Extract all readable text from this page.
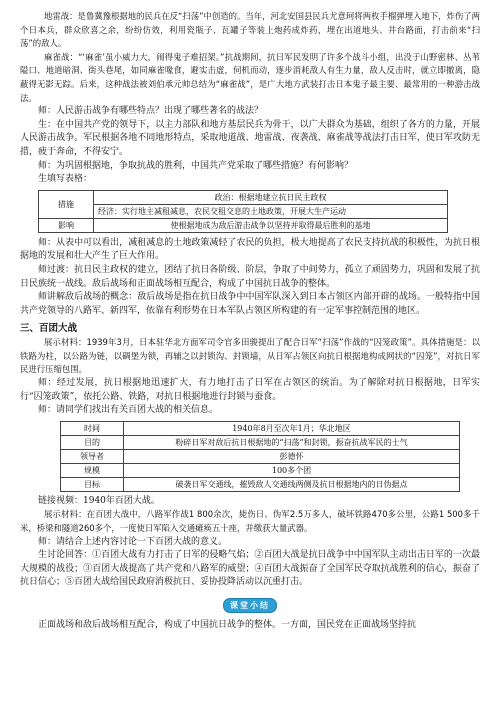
地雷战：是鲁冀豫根据地的民兵在反“扫荡”中创造的。当年，河北安国县民兵尤意珂将两枚手榴弹埋入地下，炸伤了两个日本兵，群众欣喜之余，纷纷仿效，利用瓷瓶子、瓦罐子等装上炮药成炸药，埋在出道地头、井台路面，打击前来“扫荡”的敌人。

麻雀战：“‘麻雀’虽小威力大，闹得鬼子难招架。”抗战期间，抗日军民发明了许多个战斗小组，出没于山野密林、丛苇隘口、地道暗洞、街头巷尾，如同麻雀喙食，避实击虚，伺机而动，逐步消耗敌人有生力量，敌人反击时，就立即撤离，隐蔽得无影无踪。后来，这种战法被刘伯承元帅总结为“麻雀战”，是广大地方武装打击日本鬼子最主要、最常用的一种游击战法。

师：人民游击战争有哪些特点？出现了哪些著名的战法？

生：在中国共产党的领导下，以主力部队和地方基层民兵为骨干，以广大群众为基础，组织了各方的力量，开展人民游击战争。军民根据各地不同地形特点，采取地道战、地雷战、夜袭战、麻雀战等战法打击日军，使日军攻防无措，疲于奔命，不得安宁。

师：为巩固根据地，争取抗战的胜利，中国共产党采取了哪些措施？有何影响？

生填写表格：

措施	政治：根据地建立抗日民主政权
	经济：实行地主减租减息，农民交租交息的土地政策，开展大生产运动
影响	使根据地成为敌后游击战争以坚持并取得最后胜利的基地

师：从表中可以看出，减租减息的土地政策减轻了农民的负担，极大地提高了农民支持抗战的积极性，为抗日根据地的发展和壮大产生了巨大作用。

师过渡：抗日民主政权的建立，团结了抗日各阶级、阶层，争取了中间势力，孤立了顽固势力，巩固和发展了抗日民族统一战线。敌后战场和正面战场相互配合，构成了中国抗日战争的整体。

师讲解敌后战场的概念：敌后战场是指在抗日战争中中国军队深入到日本占领区内部开辟的战场。一般特指中国共产党领导的八路军、新四军，依靠有利形势在日本军队占领区所构建的有一定军事控制范围的地区。

三、百团大战

展示材料：1939年3月，日本驻华北方面军司令官多田骏提出了配合日军“扫荡”作战的“囚笼政策”。具体措施是：以铁路为柱，以公路为链，以碉堡为锁，再辅之以封锁沟、封锁墙，从日军占领区向抗日根据地构成网状的“囚笼”，对抗日军民进行压缩包围。

师：经过发展，抗日根据地迅速扩大，有力地打击了日军在占领区的统治。为了解除对抗日根据地，日军实行“囚笼政策”，依托公路、铁路，对抗日根据地进行封锁与蚕食。

师：请同学们找出有关百团大战的相关信息。

时间	1940年8月至次年1月；华北地区
目的	粉碎日军对敌后抗日根据地的“扫荡”和封锁，振奋抗战军民的士气
领导者	彭德怀
规模	100多个团
目标	破袭日军交通线，摧毁敌人交通线两侧及抗日根据地内的日伪据点

链接视频：1940年百团大战。

展示材料：在百团大战中，八路军作战1 800余次，毙伤日、伪军2.5万多人，破坏铁路470多公里，公路1 500多千米，桥梁和隧道260多个，一度使日军陷入交通瘫痪五十座，并缴获大量武器。

师：请结合上述内容讨论一下百团大战的意义。

生讨论回答：①百团大战有力打击了日军的侵略气焰；②百团大战是抗日战争中中国军队主动出击日军的一次最大规模的战役；③百团大战提高了共产党和八路军的威望；④百团大战振奋了全国军民夺取抗战胜利的信心，振奋了抗日信心；⑤百团大战给国民政府消极抗日、妥协投降活动以沉重打击。

课堂小结

正面战场和敌后战场相互配合，构成了中国抗日战争的整体。一方面，国民党在正面战场坚持抗
